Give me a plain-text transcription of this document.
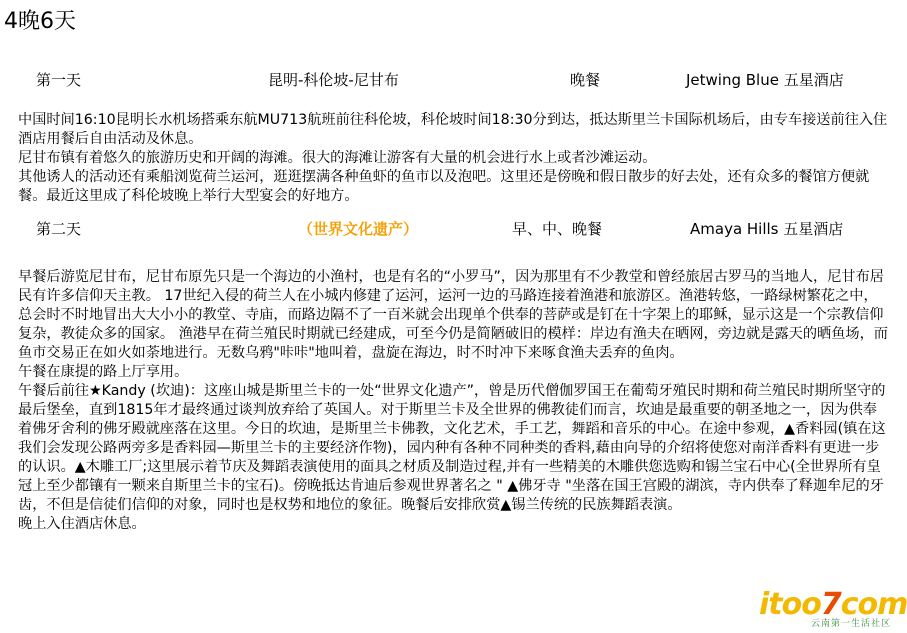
4晚6天
第一天	昆明-科伦坡-尼甘布	晚餐	Jetwing Blue 五星酒店

中国时间16:10昆明长水机场搭乘东航MU713航班前往科伦坡，科伦坡时间18:30分到达，抵达斯里兰卡国际机场后，由专车接送前往入住酒店用餐后自由活动及休息。

尼甘布镇有着悠久的旅游历史和开阔的海滩。很大的海滩让游客有大量的机会进行水上或者沙滩运动。

其他诱人的活动还有乘船浏览荷兰运河，逛逛摆满各种鱼虾的鱼市以及泡吧。这里还是傍晚和假日散步的好去处，还有众多的餐馆方便就餐。最近这里成了科伦坡晚上举行大型宴会的好地方。

第二天	（世界文化遗产）	早、中、晚餐	Amaya Hills 五星酒店

早餐后游览尼甘布，尼甘布原先只是一个海边的小渔村，也是有名的“小罗马”，因为那里有不少教堂和曾经旅居古罗马的当地人，尼甘布居民有许多信仰天主教。 17世纪入侵的荷兰人在小城内修建了运河，运河一边的马路连接着渔港和旅游区。渔港转悠，一路绿树繁花之中，总会时不时地冒出大大小小的教堂、寺庙，而路边隔不了一百米就会出现单个供奉的菩萨或是钉在十字架上的耶稣，显示这是一个宗教信仰复杂，教徒众多的国家。 渔港早在荷兰殖民时期就已经建成，可至今仍是简陋破旧的模样：岸边有渔夫在晒网，旁边就是露天的晒鱼场，而鱼市交易正在如火如荼地进行。无数乌鸦"咔咔"地叫着，盘旋在海边，时不时冲下来啄食渔夫丢弃的鱼肉。

午餐在康提的路上厅享用。

午餐后前往★Kandy (坎迪)：这座山城是斯里兰卡的一处“世界文化遗产”，曾是历代僧伽罗国王在葡萄牙殖民时期和荷兰殖民时期所坚守的最后堡垒，直到1815年才最终通过谈判放弃给了英国人。对于斯里兰卡及全世界的佛教徒们而言，坎迪是最重要的朝圣地之一，因为供奉着佛牙舍利的佛牙殿就座落在这里。今日的坎迪，是斯里兰卡佛教，文化艺术，手工艺，舞蹈和音乐的中心。在途中参观，▲香料园(镇在这我们会发现公路两旁多是香料园—斯里兰卡的主要经济作物)，园内种有各种不同种类的香料,藉由向导的介绍将使您对南洋香料有更进一步的认识。▲木雕工厂;这里展示着节庆及舞蹈表演使用的面具之材质及制造过程,并有一些精美的木雕供您选购和锡兰宝石中心(全世界所有皇冠上至少都镶有一颗来自斯里兰卡的宝石)。傍晚抵达肯迪后参观世界著名之 " ▲佛牙寺 "坐落在国王宫殿的湖滨，寺内供奉了释迦牟尼的牙齿，不但是信徒们信仰的对象，同时也是权势和地位的象征。晚餐后安排欣赏▲锡兰传统的民族舞蹈表演。

晚上入住酒店休息。

itoo7com
云南第一生活社区
